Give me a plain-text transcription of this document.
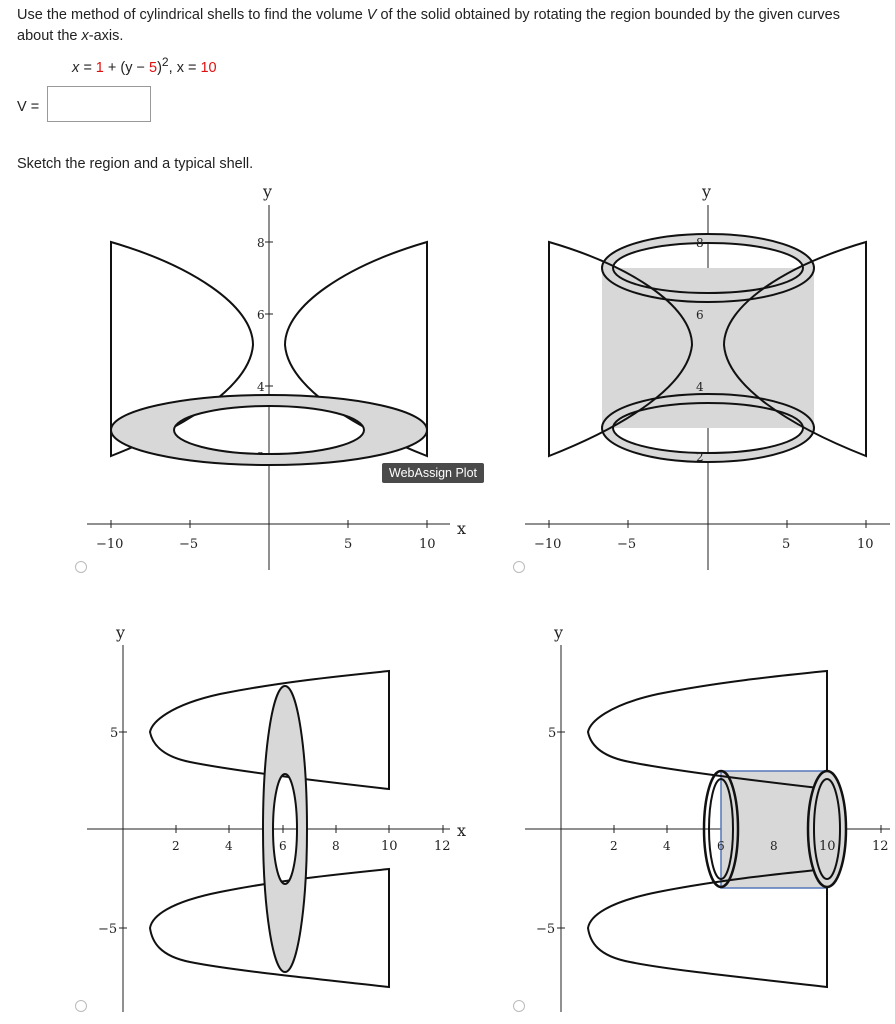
Use the method of cylindrical shells to find the volume V of the solid obtained by rotating the region bounded by the given curves about the x-axis.
$x = 1 + (y - 5)^2$, x = 10
V =
Sketch the region and a typical shell.
−10	−5	5	10
8
6
4
y
x
−10	−5	5	10
8
6
4
2
y
2	4	6	8	10	12
5
−5
y
x
2	4	6	8	10	12
5
−5
y
WebAssign Plot
